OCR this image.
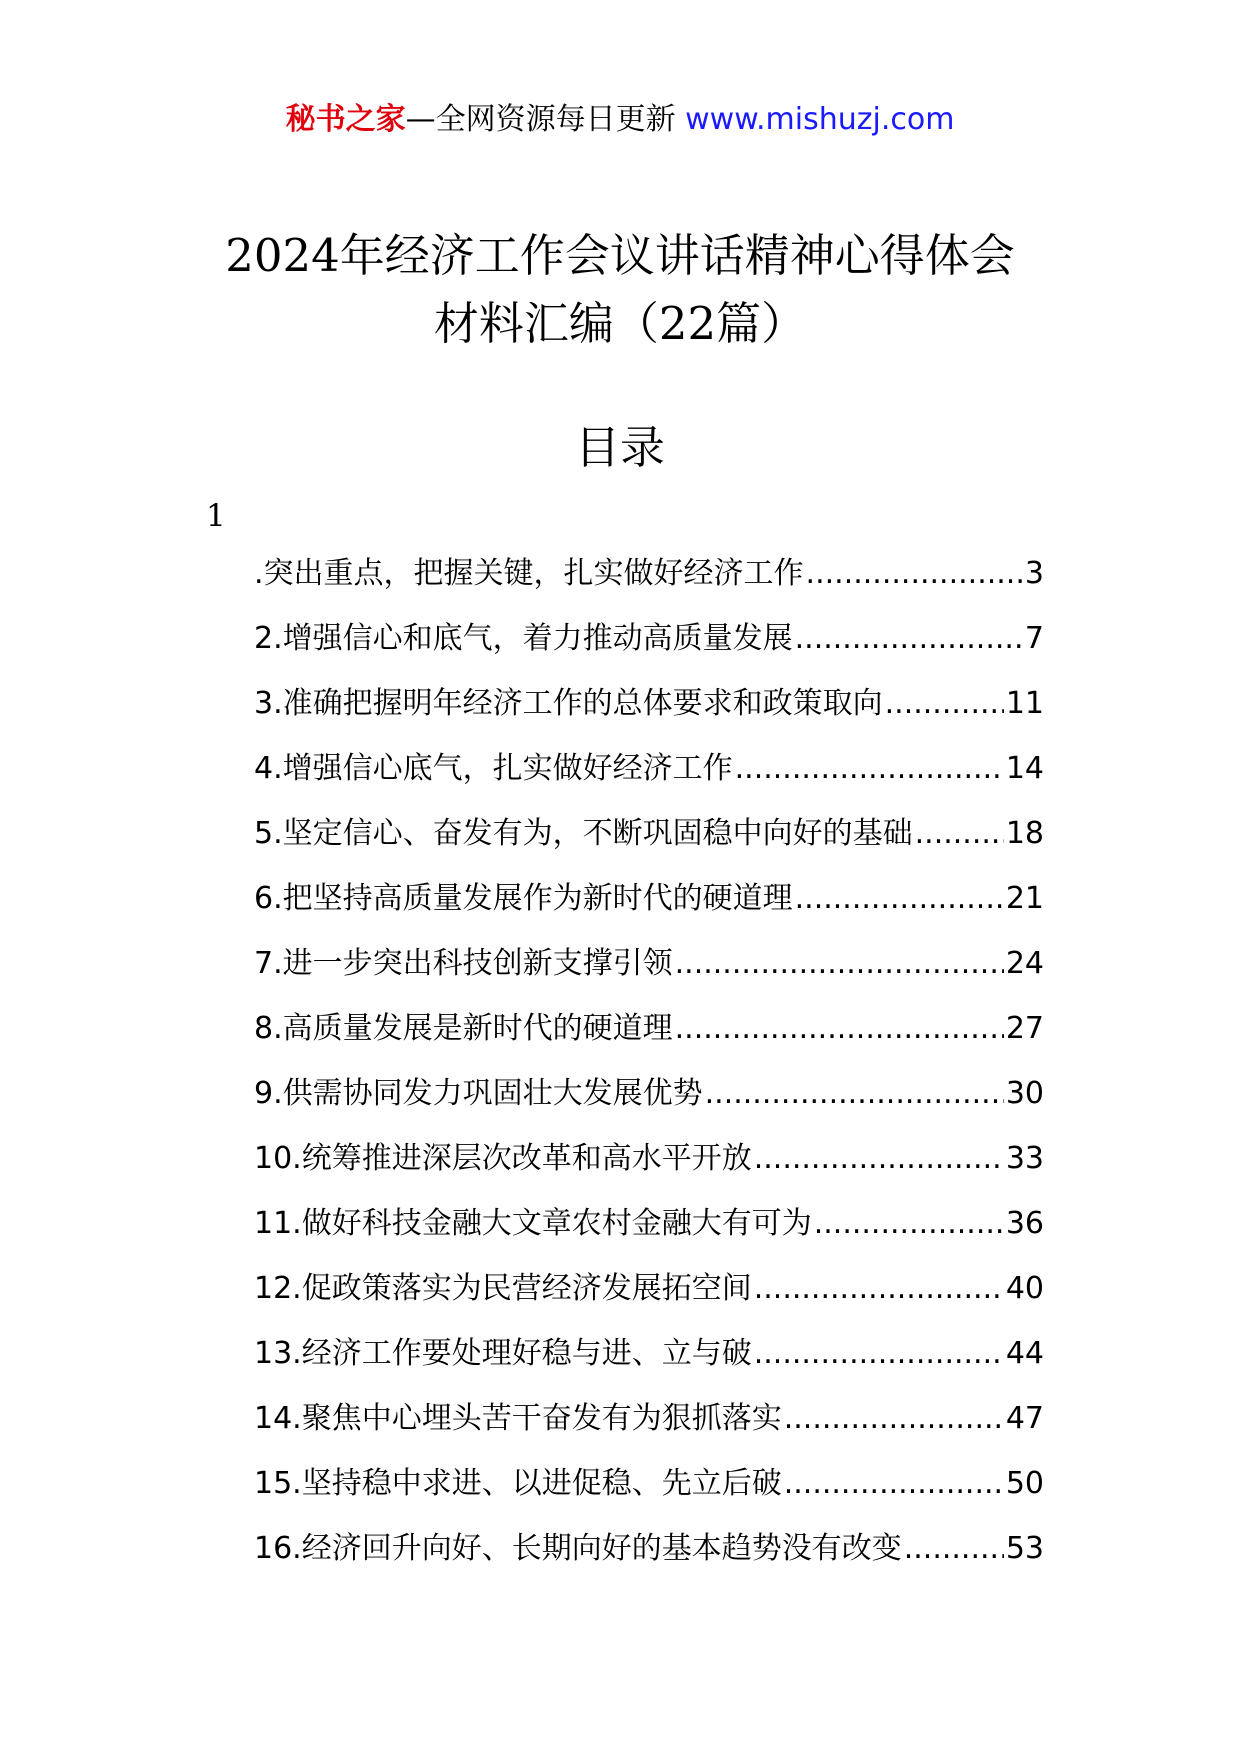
秘书之家—全网资源每日更新 www.mishuzj.com
2024年经济工作会议讲话精神心得体会
材料汇编（22篇）
目录
1
.突出重点，把握关键，扎实做好经济工作 .....	3
2.增强信心和底气，着力推动高质量发展 .....	7
3.准确把握明年经济工作的总体要求和政策取向 .....	11
4.增强信心底气，扎实做好经济工作 .....	14
5.坚定信心、奋发有为，不断巩固稳中向好的基础 .....	18
6.把坚持高质量发展作为新时代的硬道理 .....	21
7.进一步突出科技创新支撑引领 .....	24
8.高质量发展是新时代的硬道理 .....	27
9.供需协同发力巩固壮大发展优势 .....	30
10.统筹推进深层次改革和高水平开放 .....	33
11.做好科技金融大文章农村金融大有可为 .....	36
12.促政策落实为民营经济发展拓空间 .....	40
13.经济工作要处理好稳与进、立与破 .....	44
14.聚焦中心埋头苦干奋发有为狠抓落实 .....	47
15.坚持稳中求进、以进促稳、先立后破 .....	50
16.经济回升向好、长期向好的基本趋势没有改变 .....	53
